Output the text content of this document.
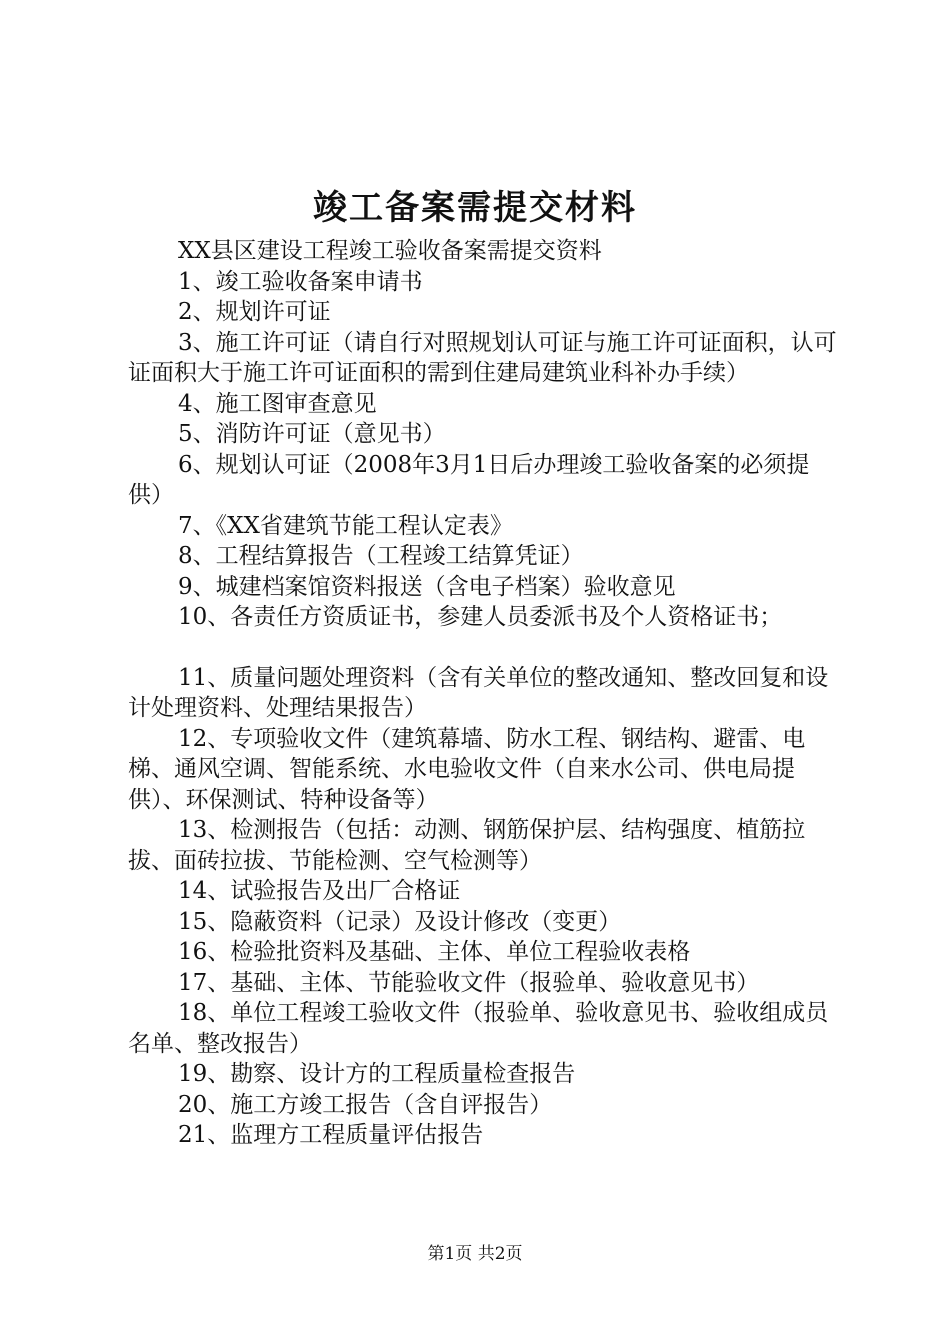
竣工备案需提交材料

XX县区建设工程竣工验收备案需提交资料

1、竣工验收备案申请书

2、规划许可证

3、施工许可证（请自行对照规划认可证与施工许可证面积，认可证面积大于施工许可证面积的需到住建局建筑业科补办手续）

4、施工图审查意见

5、消防许可证（意见书）

6、规划认可证（2008年3月1日后办理竣工验收备案的必须提供）

7、《XX省建筑节能工程认定表》

8、工程结算报告（工程竣工结算凭证）

9、城建档案馆资料报送（含电子档案）验收意见

10、各责任方资质证书，参建人员委派书及个人资格证书；

11、质量问题处理资料（含有关单位的整改通知、整改回复和设计处理资料、处理结果报告）

12、专项验收文件（建筑幕墙、防水工程、钢结构、避雷、电梯、通风空调、智能系统、水电验收文件（自来水公司、供电局提供）、环保测试、特种设备等）

13、检测报告（包括：动测、钢筋保护层、结构强度、植筋拉拔、面砖拉拔、节能检测、空气检测等）

14、试验报告及出厂合格证

15、隐蔽资料（记录）及设计修改（变更）

16、检验批资料及基础、主体、单位工程验收表格

17、基础、主体、节能验收文件（报验单、验收意见书）

18、单位工程竣工验收文件（报验单、验收意见书、验收组成员名单、整改报告）

19、勘察、设计方的工程质量检查报告

20、施工方竣工报告（含自评报告）

21、监理方工程质量评估报告

第1页 共2页
